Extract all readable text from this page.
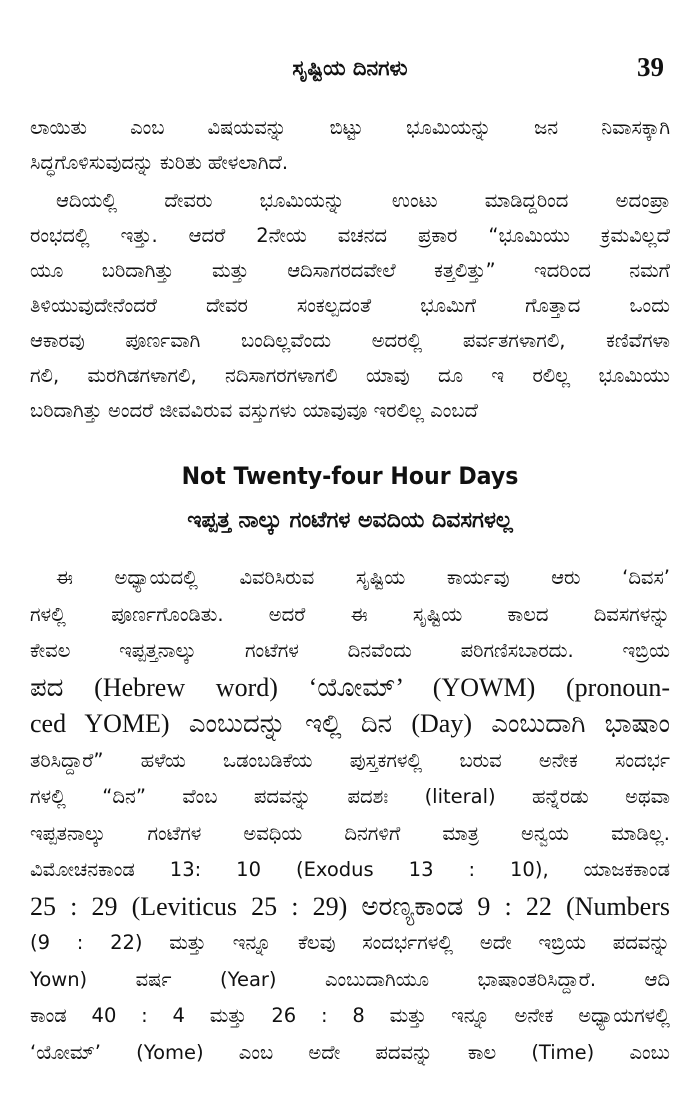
ಸೃಷ್ಟಿಯ ದಿನಗಳು	39
ಲಾಯಿತು ಎಂಬ ವಿಷಯವನ್ನು ಬಿಟ್ಟು ಭೂಮಿಯನ್ನು ಜನ ನಿವಾಸಕ್ಕಾಗಿ
ಸಿದ್ಧಗೊಳಿಸುವುದನ್ನು ಕುರಿತು ಹೇಳಲಾಗಿದೆ.
ಆದಿಯಲ್ಲಿ ದೇವರು ಭೂಮಿಯನ್ನು ಉಂಟು ಮಾಡಿದ್ದರಿಂದ ಅದಂಪ್ರಾ
ರಂಭದಲ್ಲಿ ಇತ್ತು. ಆದರೆ 2ನೇಯ ವಚನದ ಪ್ರಕಾರ “ಭೂಮಿಯು ಕ್ರಮವಿಲ್ಲದೆ
ಯೂ ಬರಿದಾಗಿತ್ತು ಮತ್ತು ಆದಿಸಾಗರದವೇಲೆ ಕತ್ತಲಿತ್ತು” ಇದರಿಂದ ನಮಗೆ
ತಿಳಿಯುವುದೇನೆಂದರೆ ದೇವರ ಸಂಕಲ್ಪದಂತೆ ಭೂಮಿಗೆ ಗೊತ್ತಾದ ಒಂದು
ಆಕಾರವು ಪೂರ್ಣವಾಗಿ ಬಂದಿಲ್ಲವೆಂದು ಅದರಲ್ಲಿ ಪರ್ವತಗಳಾಗಲಿ, ಕಣಿವೆಗಳಾ
ಗಲಿ, ಮರಗಿಡಗಳಾಗಲಿ, ನದಿಸಾಗರಗಳಾಗಲಿ ಯಾವು ದೂ ಇ ರಲಿಲ್ಲ ಭೂಮಿಯು
ಬರಿದಾಗಿತ್ತು ಅಂದರೆ ಜೀವವಿರುವ ವಸ್ತುಗಳು ಯಾವುವೂ ಇರಲಿಲ್ಲ ಎಂಬದೆ
Not Twenty-four Hour Days
ಇಪ್ಪತ್ತ ನಾಲ್ಕು ಗಂಟೆಗಳ ಅವದಿಯ ದಿವಸಗಳಲ್ಲ
ಈ ಅಧ್ಯಾಯದಲ್ಲಿ ವಿವರಿಸಿರುವ ಸೃಷ್ಟಿಯ ಕಾರ್ಯವು ಆರು ‘ದಿವಸ’
ಗಳಲ್ಲಿ ಪೂರ್ಣಗೊಂಡಿತು. ಅದರೆ ಈ ಸೃಷ್ಟಿಯ ಕಾಲದ ದಿವಸಗಳನ್ನು
ಕೇವಲ ಇಪ್ಪತ್ತನಾಲ್ಕು ಗಂಟೆಗಳ ದಿನವೆಂದು ಪರಿಗಣಿಸಬಾರದು. ಇಬ್ರಿಯ
ಪದ (Hebrew word) ‘ಯೋಮ್’ (YOWM) (pronoun-
ced YOME) ಎಂಬುದನ್ನು ಇಲ್ಲಿ ದಿನ (Day) ಎಂಬುದಾಗಿ ಭಾಷಾಂ
ತರಿಸಿದ್ದಾರೆ” ಹಳೆಯ ಒಡಂಬಡಿಕೆಯ ಪುಸ್ತಕಗಳಲ್ಲಿ ಬರುವ ಅನೇಕ ಸಂದರ್ಭ
ಗಳಲ್ಲಿ “ದಿನ” ವೆಂಬ ಪದವನ್ನು ಪದಶಃ (literal) ಹನ್ನೆರಡು ಅಥವಾ
ಇಪ್ಪತನಾಲ್ಕು ಗಂಟೆಗಳ ಅವಧಿಯ ದಿನಗಳಿಗೆ ಮಾತ್ರ ಅನ್ವಯ ಮಾಡಿಲ್ಲ.
ವಿಮೋಚನಕಾಂಡ 13: 10 (Exodus 13 : 10), ಯಾಜಕಕಾಂಡ
25 : 29 (Leviticus 25 : 29) ಅರಣ್ಯಕಾಂಡ 9 : 22 (Numbers
(9 : 22) ಮತ್ತು ಇನ್ನೂ ಕೆಲವು ಸಂದರ್ಭಗಳಲ್ಲಿ ಅದೇ ಇಬ್ರಿಯ ಪದವನ್ನು
Yown) ವರ್ಷ (Year) ಎಂಬುದಾಗಿಯೂ ಭಾಷಾಂತರಿಸಿದ್ದಾರೆ. ಆದಿ
ಕಾಂಡ 40 : 4 ಮತ್ತು 26 : 8 ಮತ್ತು ಇನ್ನೂ ಅನೇಕ ಅಧ್ಯಾಯಗಳಲ್ಲಿ
‘ಯೋಮ್’ (Yome) ಎಂಬ ಅದೇ ಪದವನ್ನು ಕಾಲ (Time) ಎಂಬು
